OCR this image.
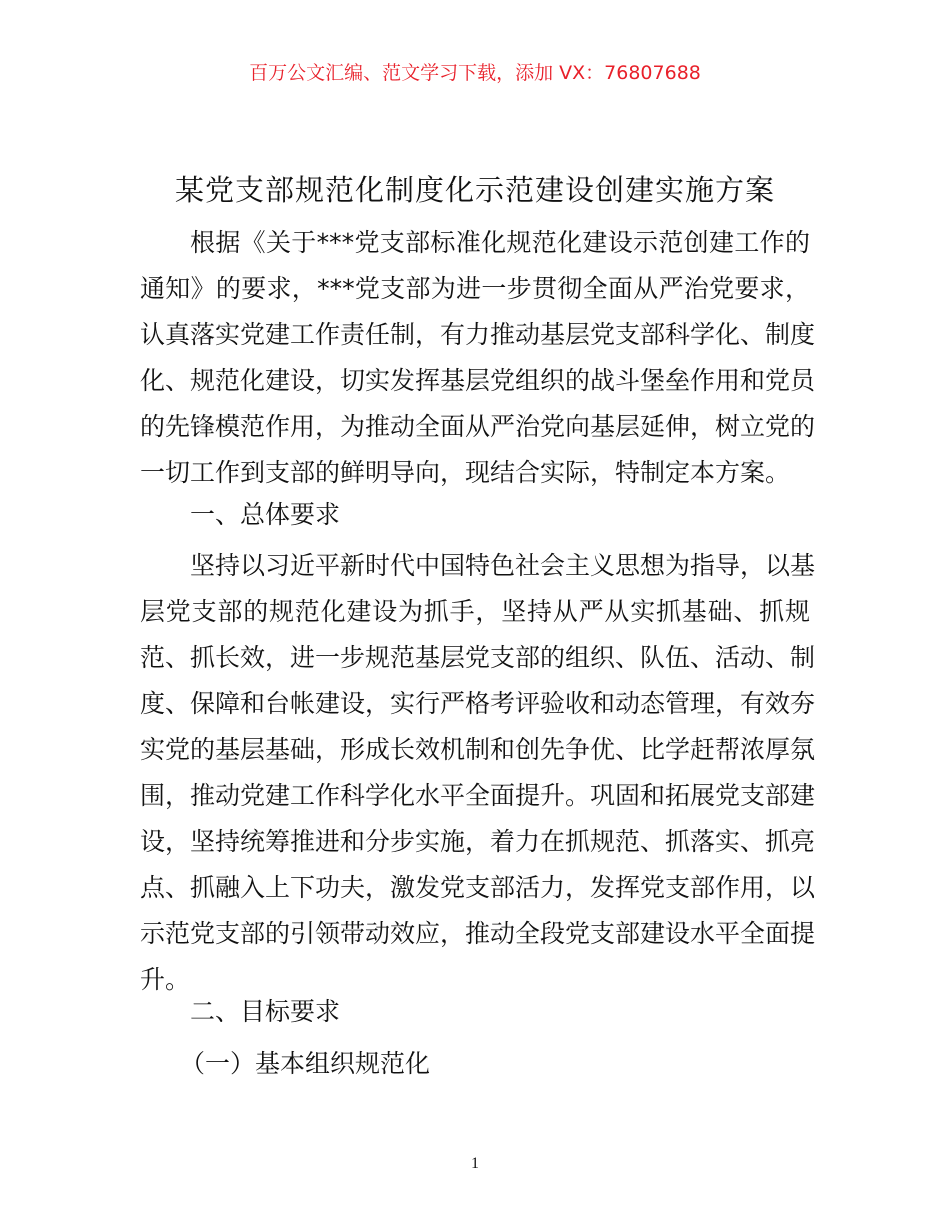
百万公文汇编、范文学习下载，添加 VX：76807688
某党支部规范化制度化示范建设创建实施方案
根据《关于***党支部标准化规范化建设示范创建工作的
通知》的要求，***党支部为进一步贯彻全面从严治党要求，
认真落实党建工作责任制，有力推动基层党支部科学化、制度
化、规范化建设，切实发挥基层党组织的战斗堡垒作用和党员
的先锋模范作用，为推动全面从严治党向基层延伸，树立党的
一切工作到支部的鲜明导向，现结合实际，特制定本方案。
一、总体要求
坚持以习近平新时代中国特色社会主义思想为指导，以基
层党支部的规范化建设为抓手，坚持从严从实抓基础、抓规
范、抓长效，进一步规范基层党支部的组织、队伍、活动、制
度、保障和台帐建设，实行严格考评验收和动态管理，有效夯
实党的基层基础，形成长效机制和创先争优、比学赶帮浓厚氛
围，推动党建工作科学化水平全面提升。巩固和拓展党支部建
设，坚持统筹推进和分步实施，着力在抓规范、抓落实、抓亮
点、抓融入上下功夫，激发党支部活力，发挥党支部作用，以
示范党支部的引领带动效应，推动全段党支部建设水平全面提
升。
二、目标要求
（一）基本组织规范化
1
